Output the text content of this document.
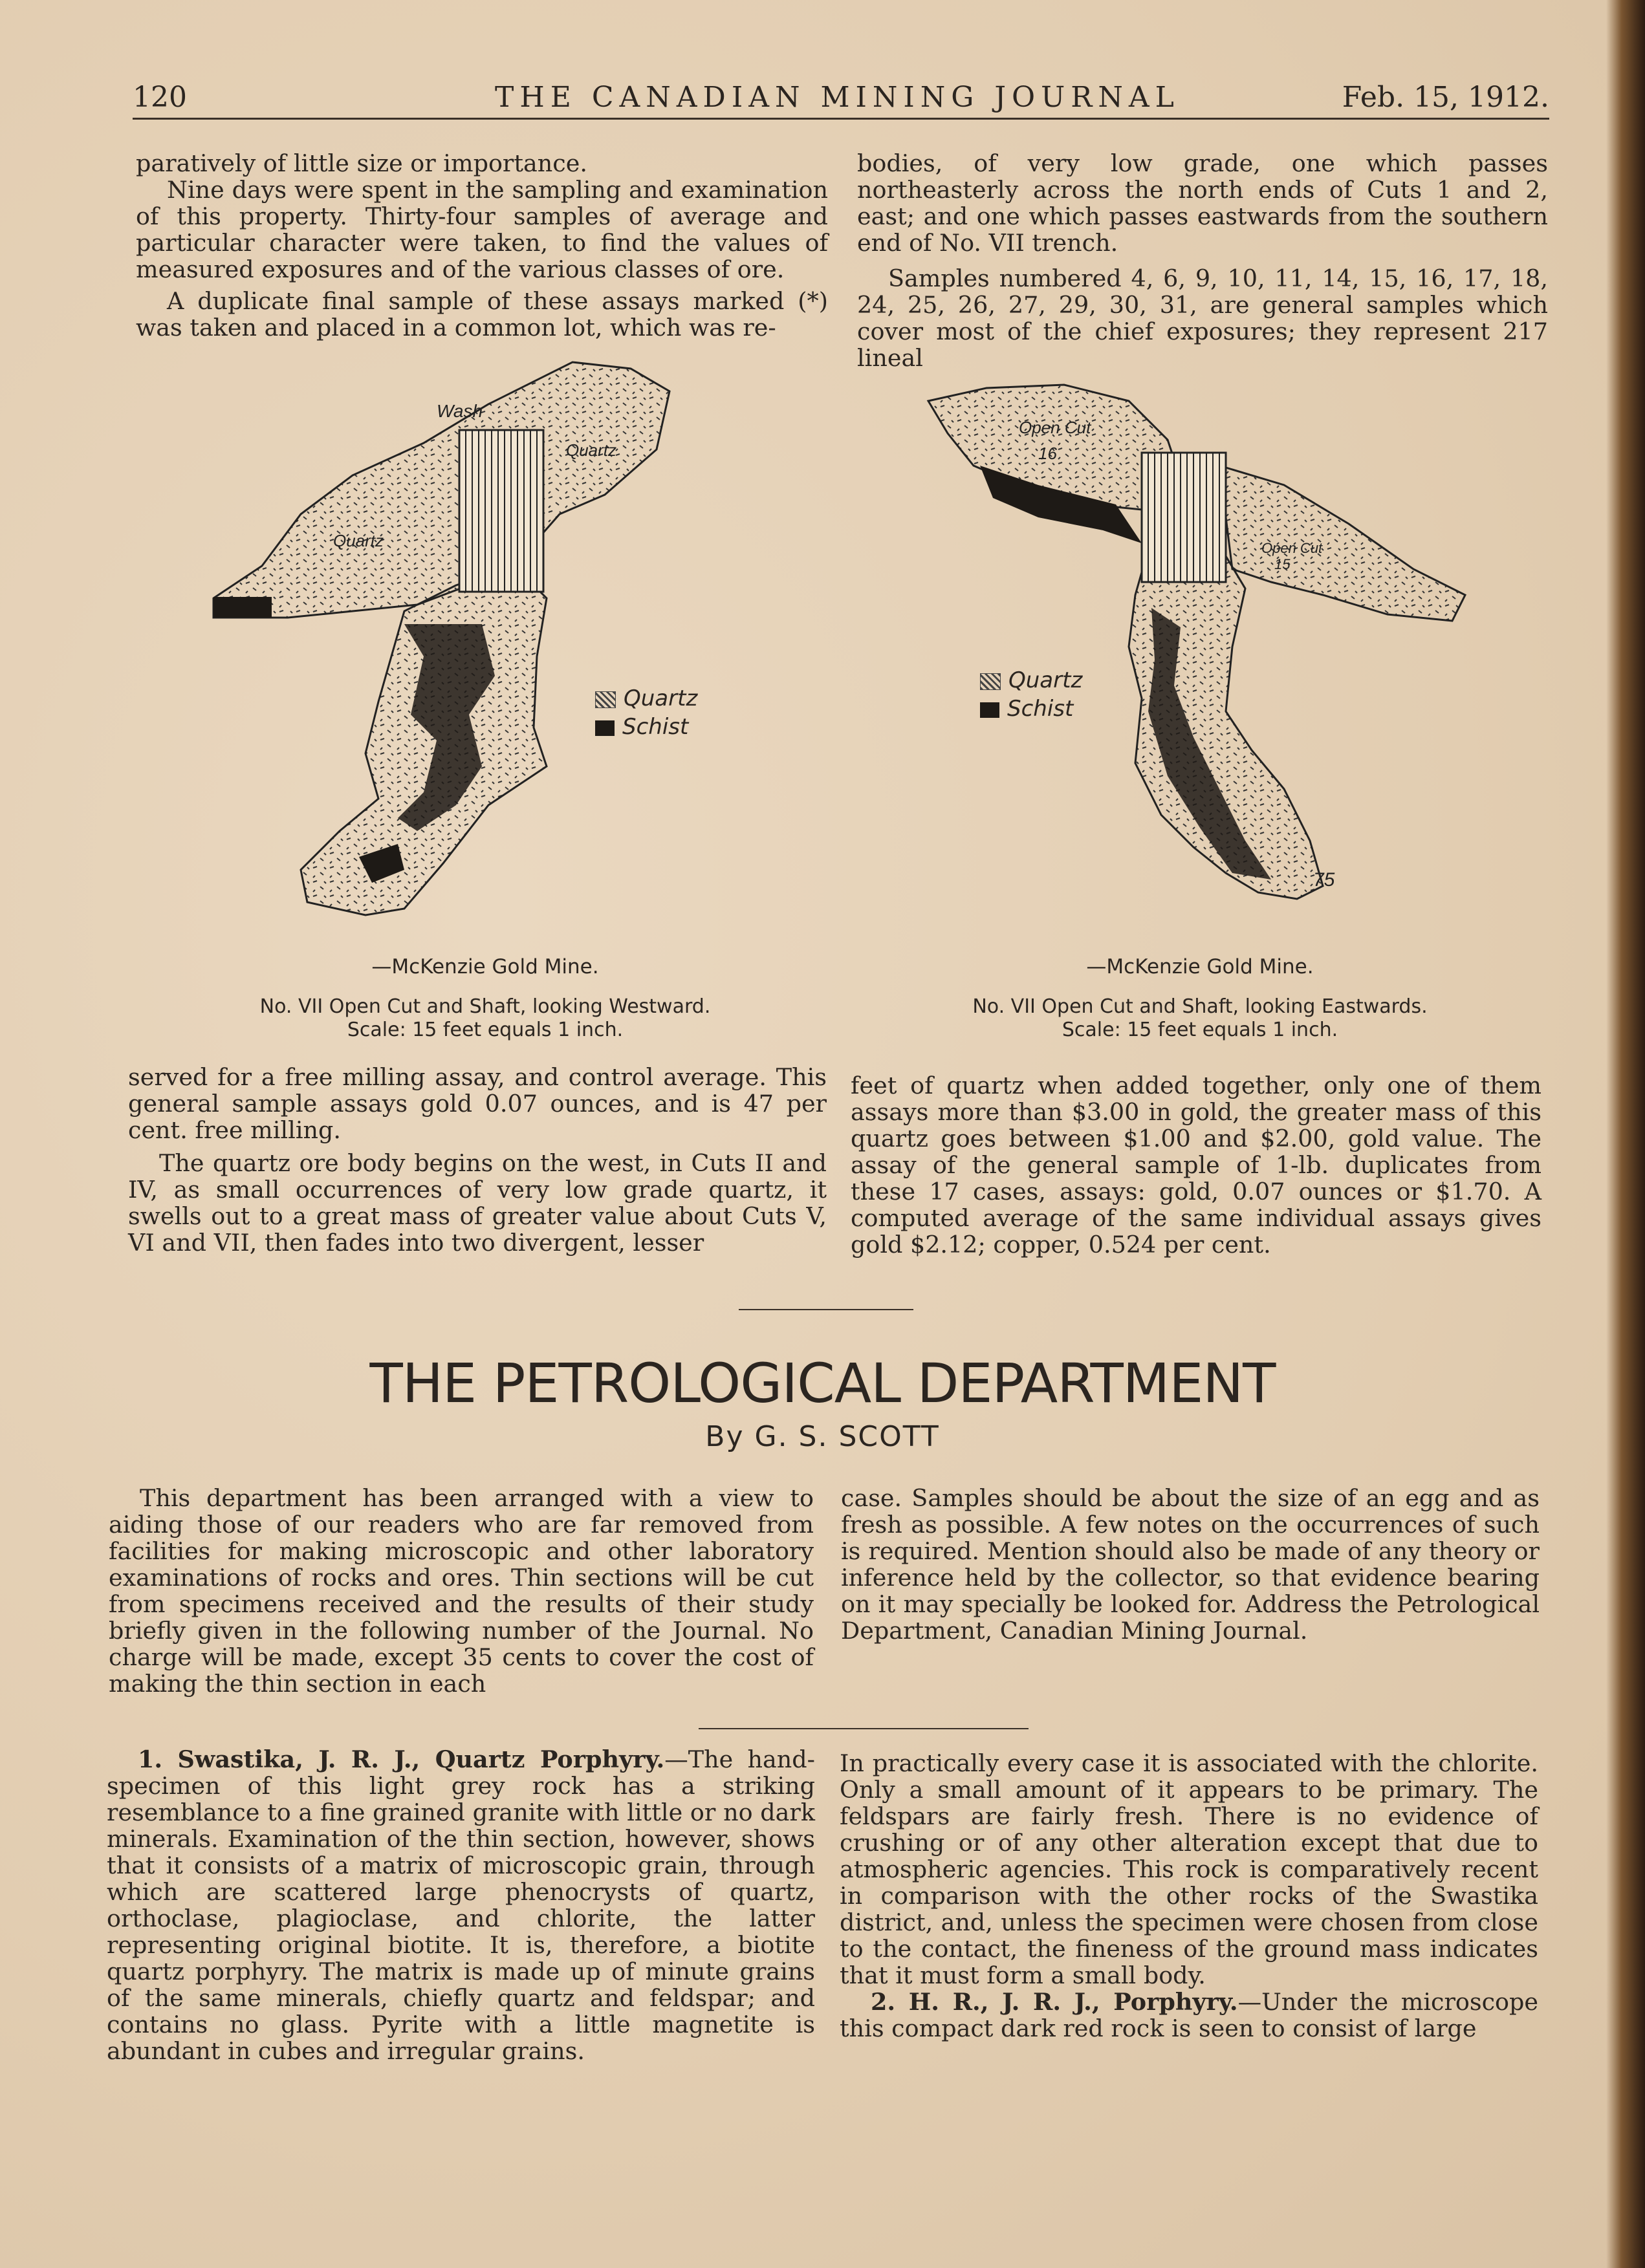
120	THE CANADIAN MINING JOURNAL	Feb. 15, 1912.

paratively of little size or importance.

Nine days were spent in the sampling and examination of this property. Thirty-four samples of average and particular character were taken, to find the values of measured exposures and of the various classes of ore.

A duplicate final sample of these assays marked (*) was taken and placed in a common lot, which was re-

bodies, of very low grade, one which passes northeasterly across the north ends of Cuts 1 and 2, east; and one which passes eastwards from the southern end of No. VII trench.

Samples numbered 4, 6, 9, 10, 11, 14, 15, 16, 17, 18, 24, 25, 26, 27, 29, 30, 31, are general samples which cover most of the chief exposures; they represent 217 lineal

Wash
Quartz
Quartz
Quartz
Schist
—McKenzie Gold Mine.
No. VII Open Cut and Shaft, looking Westward.
Scale: 15 feet equals 1 inch.
Open Cut
16
Open Cut
15
75
Quartz
Schist
—McKenzie Gold Mine.
No. VII Open Cut and Shaft, looking Eastwards.
Scale: 15 feet equals 1 inch.

served for a free milling assay, and control average. This general sample assays gold 0.07 ounces, and is 47 per cent. free milling.

The quartz ore body begins on the west, in Cuts II and IV, as small occurrences of very low grade quartz, it swells out to a great mass of greater value about Cuts V, VI and VII, then fades into two divergent, lesser

feet of quartz when added together, only one of them assays more than $3.00 in gold, the greater mass of this quartz goes between $1.00 and $2.00, gold value. The assay of the general sample of 1-lb. duplicates from these 17 cases, assays: gold, 0.07 ounces or $1.70. A computed average of the same individual assays gives gold $2.12; copper, 0.524 per cent.

THE PETROLOGICAL DEPARTMENT
By G. S. SCOTT

This department has been arranged with a view to aiding those of our readers who are far removed from facilities for making microscopic and other laboratory examinations of rocks and ores. Thin sections will be cut from specimens received and the results of their study briefly given in the following number of the Journal. No charge will be made, except 35 cents to cover the cost of making the thin section in each

case. Samples should be about the size of an egg and as fresh as possible. A few notes on the occurrences of such is required. Mention should also be made of any theory or inference held by the collector, so that evidence bearing on it may specially be looked for. Address the Petrological Department, Canadian Mining Journal.

1. Swastika, J. R. J., Quartz Porphyry.—The hand-specimen of this light grey rock has a striking resemblance to a fine grained granite with little or no dark minerals. Examination of the thin section, however, shows that it consists of a matrix of microscopic grain, through which are scattered large phenocrysts of quartz, orthoclase, plagioclase, and chlorite, the latter representing original biotite. It is, therefore, a biotite quartz porphyry. The matrix is made up of minute grains of the same minerals, chiefly quartz and feldspar; and contains no glass. Pyrite with a little magnetite is abundant in cubes and irregular grains.

In practically every case it is associated with the chlorite. Only a small amount of it appears to be primary. The feldspars are fairly fresh. There is no evidence of crushing or of any other alteration except that due to atmospheric agencies. This rock is comparatively recent in comparison with the other rocks of the Swastika district, and, unless the specimen were chosen from close to the contact, the fineness of the ground mass indicates that it must form a small body.

2. H. R., J. R. J., Porphyry.—Under the microscope this compact dark red rock is seen to consist of large
